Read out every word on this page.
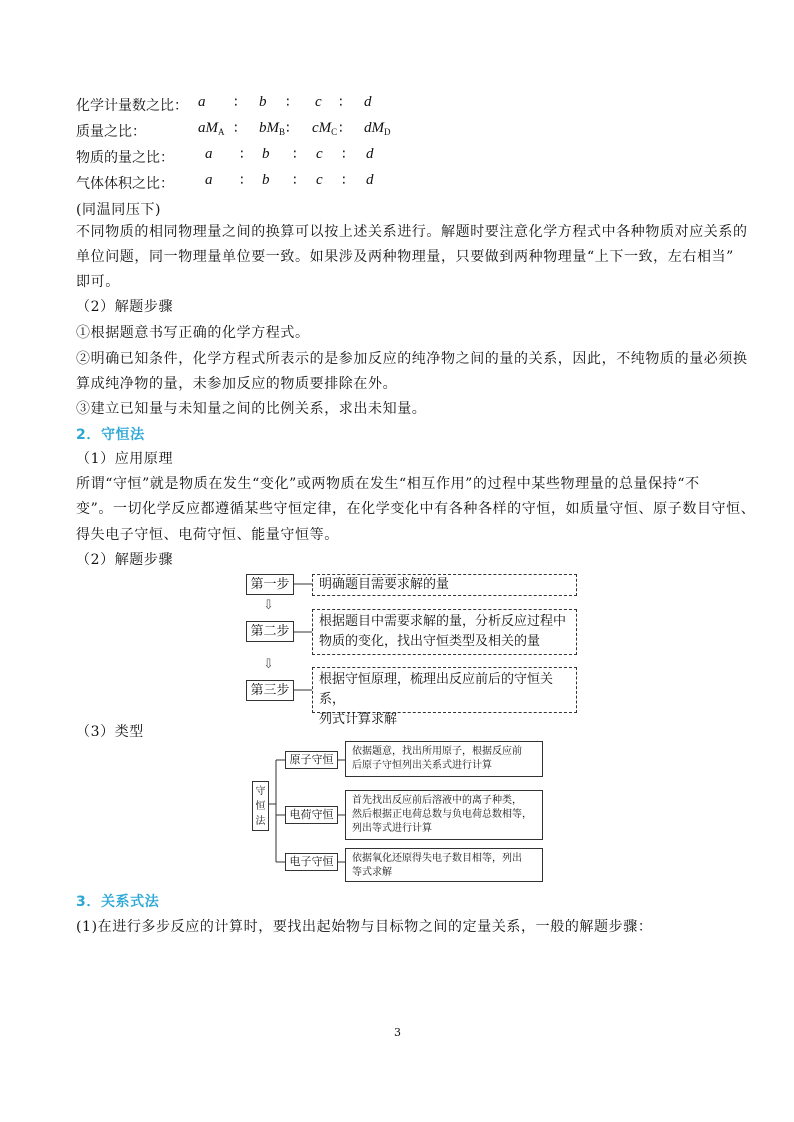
化学计量数之比： a ∶ b ∶ c ∶ d
质量之比：	$aM_A$ ∶ $bM_B$ ∶ $cM_C$ ∶ $dM_D$
物质的量之比： a ∶ b ∶ c ∶ d
气体体积之比： a ∶ b ∶ c ∶ d
(同温同压下)
不同物质的相同物理量之间的换算可以按上述关系进行。解题时要注意化学方程式中各种物质对应关系的
单位问题，同一物理量单位要一致。如果涉及两种物理量，只要做到两种物理量“上下一致，左右相当”
即可。
（2）解题步骤
①根据题意书写正确的化学方程式。
②明确已知条件，化学方程式所表示的是参加反应的纯净物之间的量的关系，因此，不纯物质的量必须换
算成纯净物的量，未参加反应的物质要排除在外。
③建立已知量与未知量之间的比例关系，求出未知量。
2．守恒法
（1）应用原理
所谓“守恒”就是物质在发生“变化”或两物质在发生“相互作用”的过程中某些物理量的总量保持“不
变”。一切化学反应都遵循某些守恒定律，在化学变化中有各种各样的守恒，如质量守恒、原子数目守恒、
得失电子守恒、电荷守恒、能量守恒等。
（2）解题步骤
第一步	明确题目需要求解的量
⇩
第二步
根据题目中需要求解的量，分析反应过程中
物质的变化，找出守恒类型及相关的量
⇩
第三步
根据守恒原理，梳理出反应前后的守恒关系，
列式计算求解
（3）类型
守
恒
法
原子守恒
依据题意，找出所用原子，根据反应前
后原子守恒列出关系式进行计算
电荷守恒
首先找出反应前后溶液中的离子种类，
然后根据正电荷总数与负电荷总数相等，
列出等式进行计算
电子守恒	依据氧化还原得失电子数目相等，列出
等式求解
3．关系式法
(1)在进行多步反应的计算时，要找出起始物与目标物之间的定量关系，一般的解题步骤：
3
